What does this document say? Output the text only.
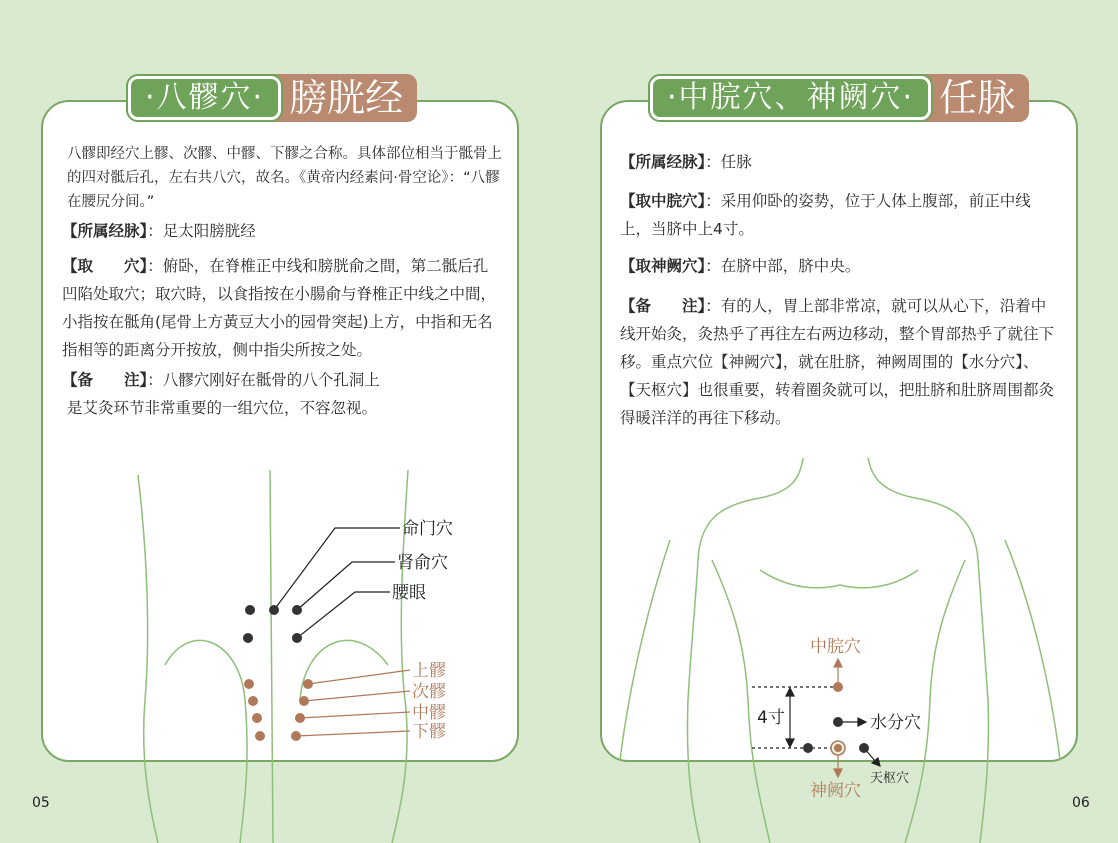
·八髎穴· 膀胱经
八髎即经穴上髎、次髎、中髎、下髎之合称。具体部位相当于骶骨上的四对骶后孔，左右共八穴，故名。《黄帝内经素问·骨空论》：“八髎在腰尻分间。”
【所属经脉】：足太阳膀胱经
【取　　穴】：俯卧，在脊椎正中线和膀胱俞之間，第二骶后孔凹陷处取穴；取穴時，以食指按在小腸俞与脊椎正中线之中間，小指按在骶角(尾骨上方黃豆大小的园骨突起)上方，中指和无名指相等的距离分开按放，侧中指尖所按之处。
【备　　注】：八髎穴刚好在骶骨的八个孔洞上

是艾灸环节非常重要的一组穴位，不容忽视。

命门穴
肾俞穴
腰眼
上髎
次髎
中髎
下髎
05
·中脘穴、神阙穴· 任脉
【所属经脉】：任脉
【取中脘穴】：采用仰卧的姿势，位于人体上腹部，前正中线上，当脐中上4寸。
【取神阙穴】：在脐中部，脐中央。
【备　　注】：有的人，胃上部非常凉，就可以从心下，沿着中线开始灸，灸热乎了再往左右两边移动，整个胃部热乎了就往下移。重点穴位【神阙穴】，就在肚脐，神阙周围的【水分穴】、【天枢穴】也很重要，转着圈灸就可以，把肚脐和肚脐周围都灸得暖洋洋的再往下移动。
中脘穴
4寸	水分穴
天枢穴
神阙穴
06
